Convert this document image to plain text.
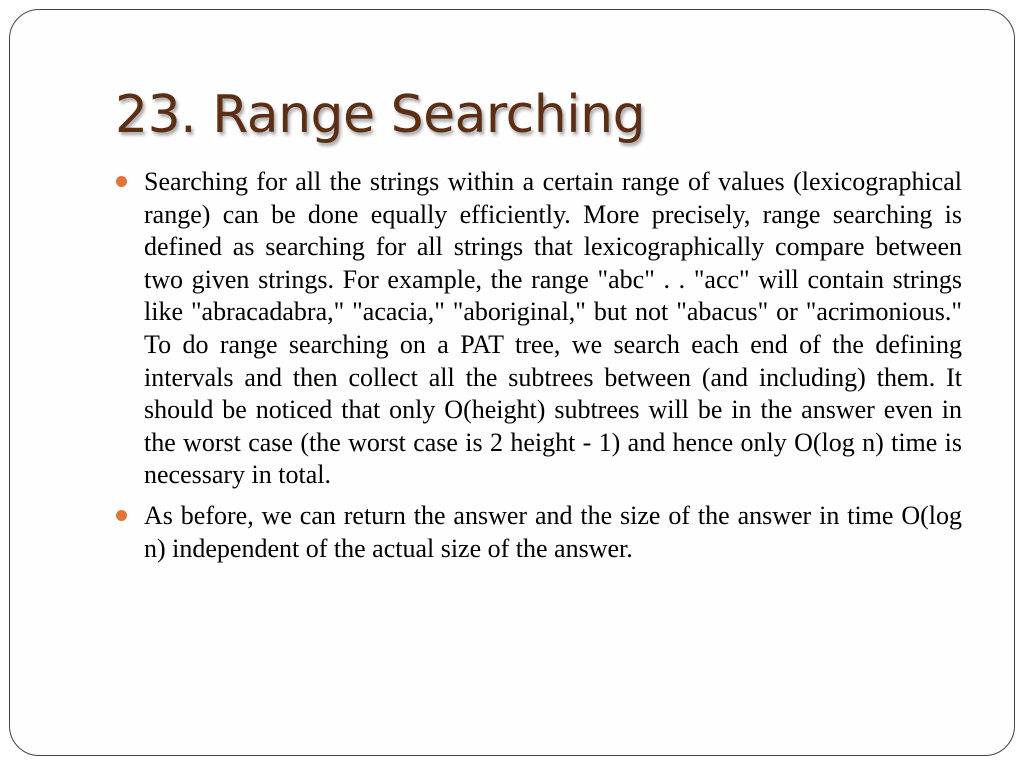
23. Range Searching
Searching for all the strings within a certain range of values (lexicographical range) can be done equally efficiently. More precisely, range searching is defined as searching for all strings that lexicographically compare between two given strings. For example, the range "abc" . . "acc" will contain strings like "abracadabra," "acacia," "aboriginal," but not "abacus" or "acrimonious." To do range searching on a PAT tree, we search each end of the defining intervals and then collect all the subtrees between (and including) them. It should be noticed that only O(height) subtrees will be in the answer even in the worst case (the worst case is 2 height - 1) and hence only O(log n) time is necessary in total.
As before, we can return the answer and the size of the answer in time O(log n) independent of the actual size of the answer.
